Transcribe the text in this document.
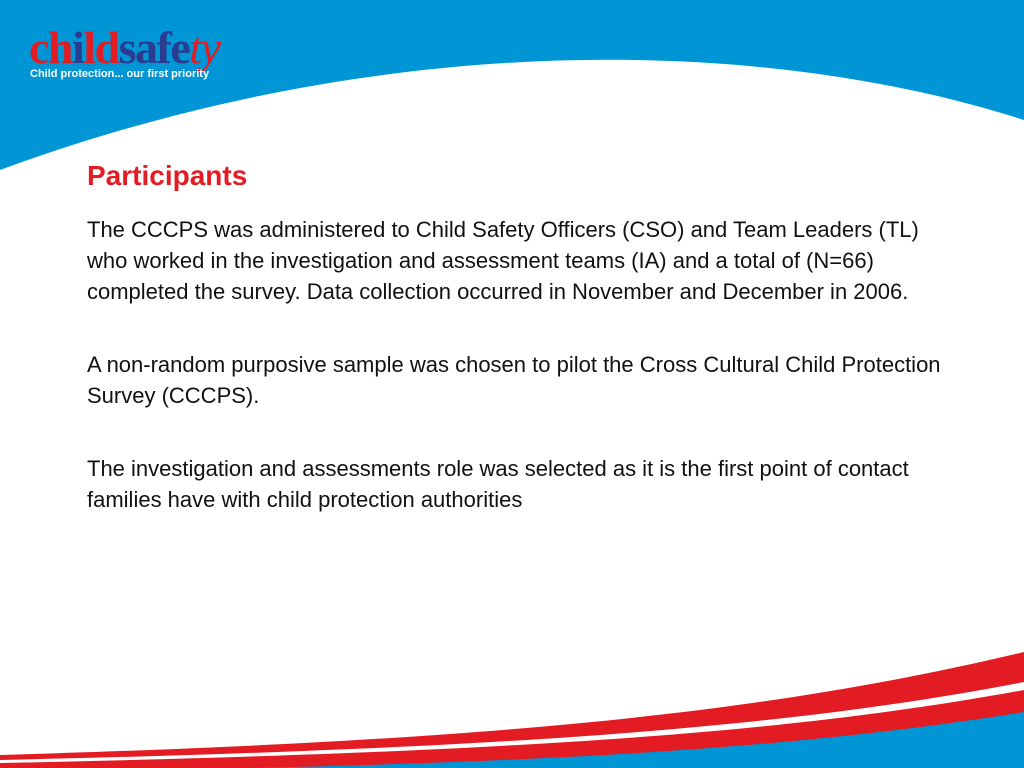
childsafety

Child protection... our first priority

Participants

The CCCPS was administered to Child Safety Officers (CSO) and Team Leaders (TL) who worked in the investigation and assessment teams (IA) and a total of (N=66) completed the survey. Data collection occurred in November and December in 2006.

A non-random purposive sample was chosen to pilot the Cross Cultural Child Protection Survey (CCCPS).

The investigation and assessments role was selected as it is the first point of contact families have with child protection authorities
